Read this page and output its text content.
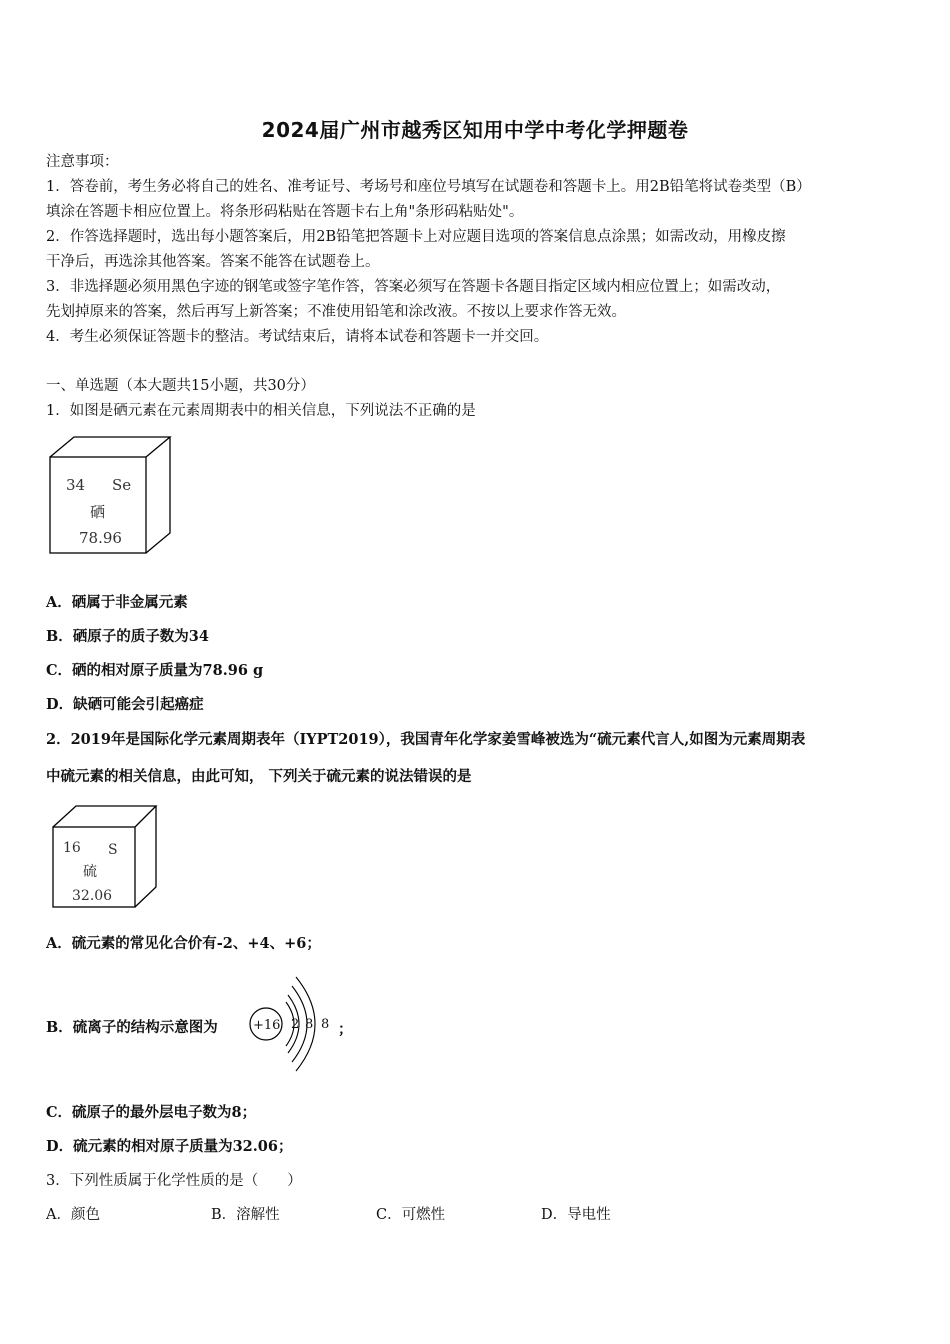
2024届广州市越秀区知用中学中考化学押题卷
注意事项：
1．答卷前，考生务必将自己的姓名、准考证号、考场号和座位号填写在试题卷和答题卡上。用2B铅笔将试卷类型（B）
填涂在答题卡相应位置上。将条形码粘贴在答题卡右上角"条形码粘贴处"。
2．作答选择题时，选出每小题答案后，用2B铅笔把答题卡上对应题目选项的答案信息点涂黑；如需改动，用橡皮擦
干净后，再选涂其他答案。答案不能答在试题卷上。
3．非选择题必须用黑色字迹的钢笔或签字笔作答，答案必须写在答题卡各题目指定区域内相应位置上；如需改动，
先划掉原来的答案，然后再写上新答案；不准使用铅笔和涂改液。不按以上要求作答无效。
4．考生必须保证答题卡的整洁。考试结束后，请将本试卷和答题卡一并交回。
一、单选题（本大题共15小题，共30分）
1．如图是硒元素在元素周期表中的相关信息，下列说法不正确的是
34 Se
硒
78.96
A．硒属于非金属元素
B．硒原子的质子数为34
C．硒的相对原子质量为78.96 g
D．缺硒可能会引起癌症
2．2019年是国际化学元素周期表年（IYPT2019），我国青年化学家姜雪峰被选为“硫元素代言人,如图为元素周期表
中硫元素的相关信息，由此可知， 下列关于硫元素的说法错误的是
16 S
硫
32.06
A．硫元素的常见化合价有-2、+4、+6；
B．硫离子的结构示意图为	+16 2 8 8 ；
C．硫原子的最外层电子数为8；
D．硫元素的相对原子质量为32.06；
3．下列性质属于化学性质的是（　　）
A．颜色	B．溶解性	C．可燃性	D．导电性
